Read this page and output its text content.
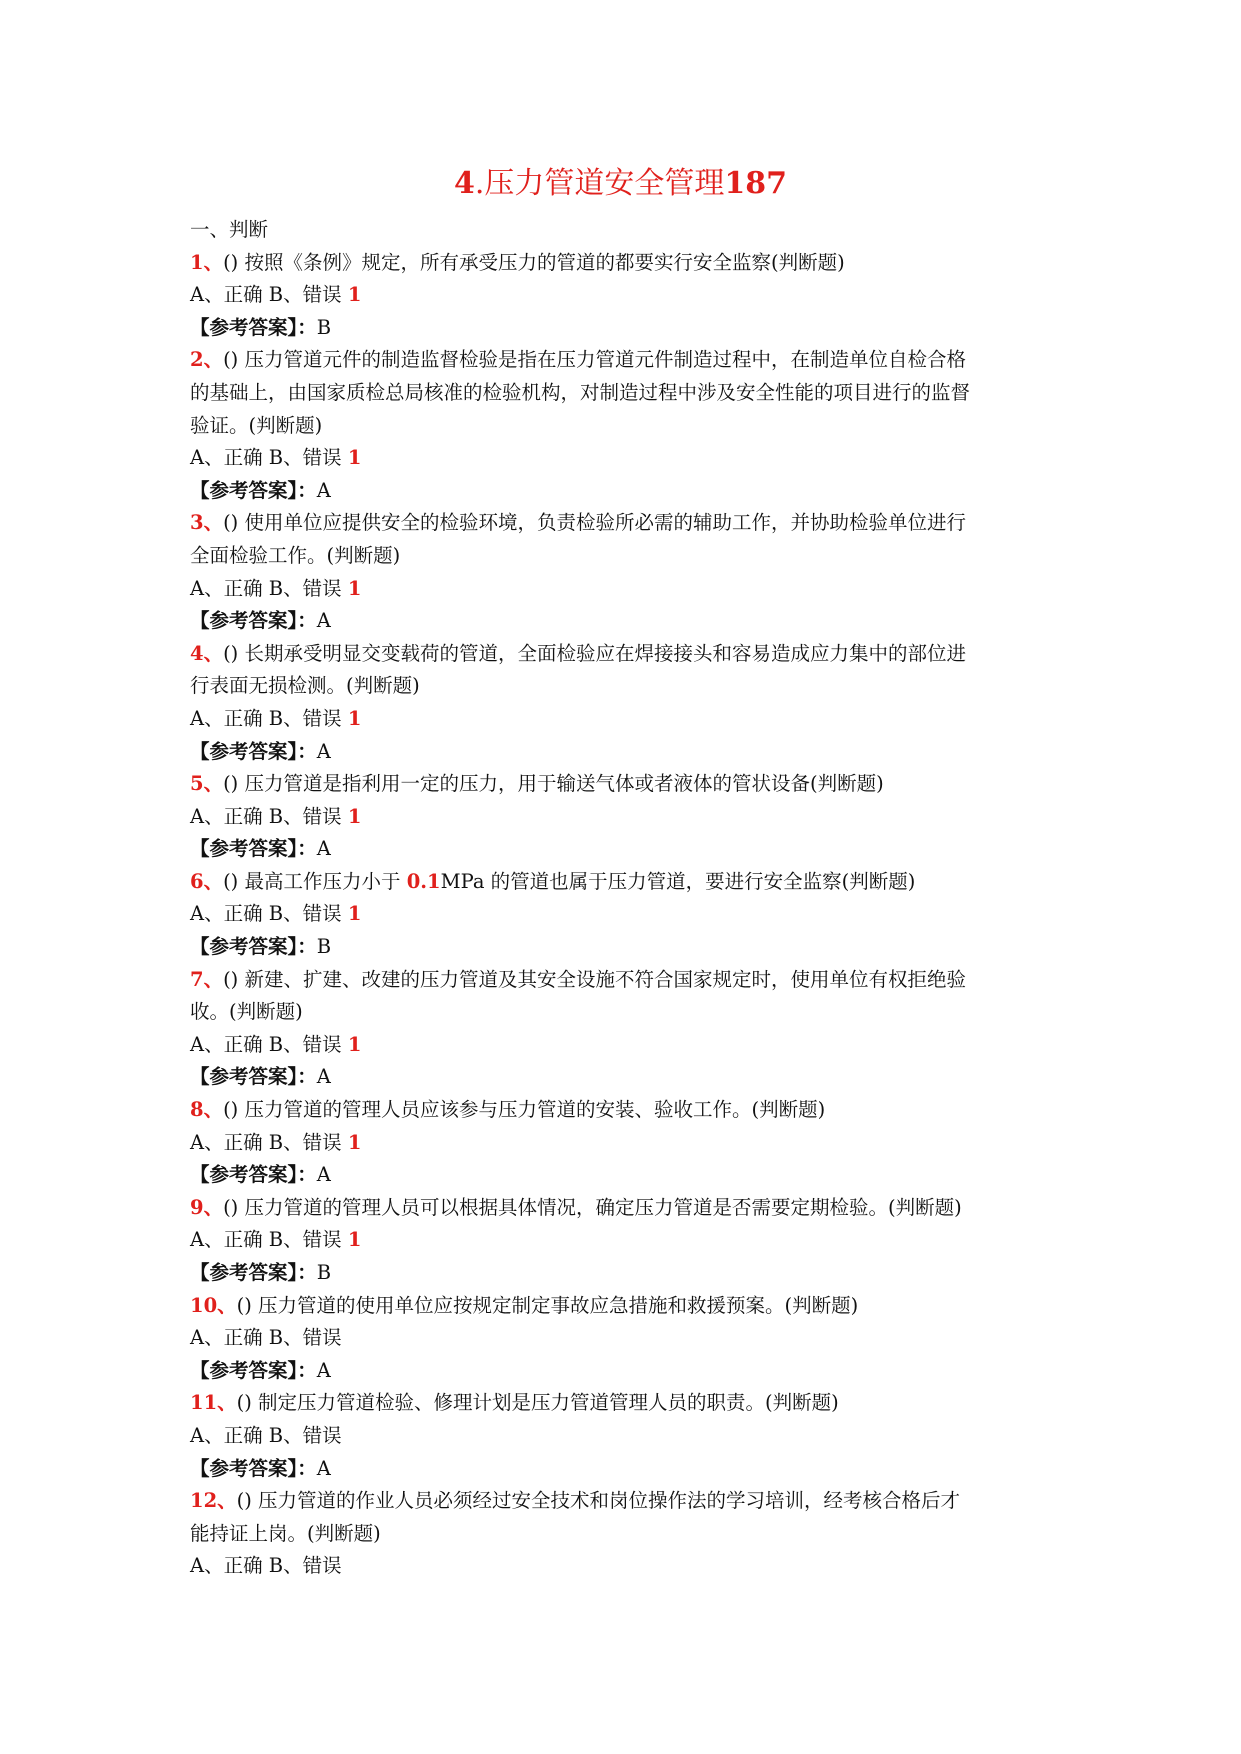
4.压力管道安全管理187
一、判断
1、() 按照《条例》规定，所有承受压力的管道的都要实行安全监察(判断题)
A、正确 B、错误 1
【参考答案】：B
2、() 压力管道元件的制造监督检验是指在压力管道元件制造过程中，在制造单位自检合格
的基础上，由国家质检总局核准的检验机构，对制造过程中涉及安全性能的项目进行的监督
验证。(判断题)
A、正确 B、错误 1
【参考答案】：A
3、() 使用单位应提供安全的检验环境，负责检验所必需的辅助工作，并协助检验单位进行
全面检验工作。(判断题)
A、正确 B、错误 1
【参考答案】：A
4、() 长期承受明显交变载荷的管道，全面检验应在焊接接头和容易造成应力集中的部位进
行表面无损检测。(判断题)
A、正确 B、错误 1
【参考答案】：A
5、() 压力管道是指利用一定的压力，用于输送气体或者液体的管状设备(判断题)
A、正确 B、错误 1
【参考答案】：A
6、() 最高工作压力小于 0.1MPa 的管道也属于压力管道，要进行安全监察(判断题)
A、正确 B、错误 1
【参考答案】：B
7、() 新建、扩建、改建的压力管道及其安全设施不符合国家规定时，使用单位有权拒绝验
收。(判断题)
A、正确 B、错误 1
【参考答案】：A
8、() 压力管道的管理人员应该参与压力管道的安装、验收工作。(判断题)
A、正确 B、错误 1
【参考答案】：A
9、() 压力管道的管理人员可以根据具体情况，确定压力管道是否需要定期检验。(判断题)
A、正确 B、错误 1
【参考答案】：B
10、() 压力管道的使用单位应按规定制定事故应急措施和救援预案。(判断题)
A、正确 B、错误
【参考答案】：A
11、() 制定压力管道检验、修理计划是压力管道管理人员的职责。(判断题)
A、正确 B、错误
【参考答案】：A
12、() 压力管道的作业人员必须经过安全技术和岗位操作法的学习培训，经考核合格后才
能持证上岗。(判断题)
A、正确 B、错误
